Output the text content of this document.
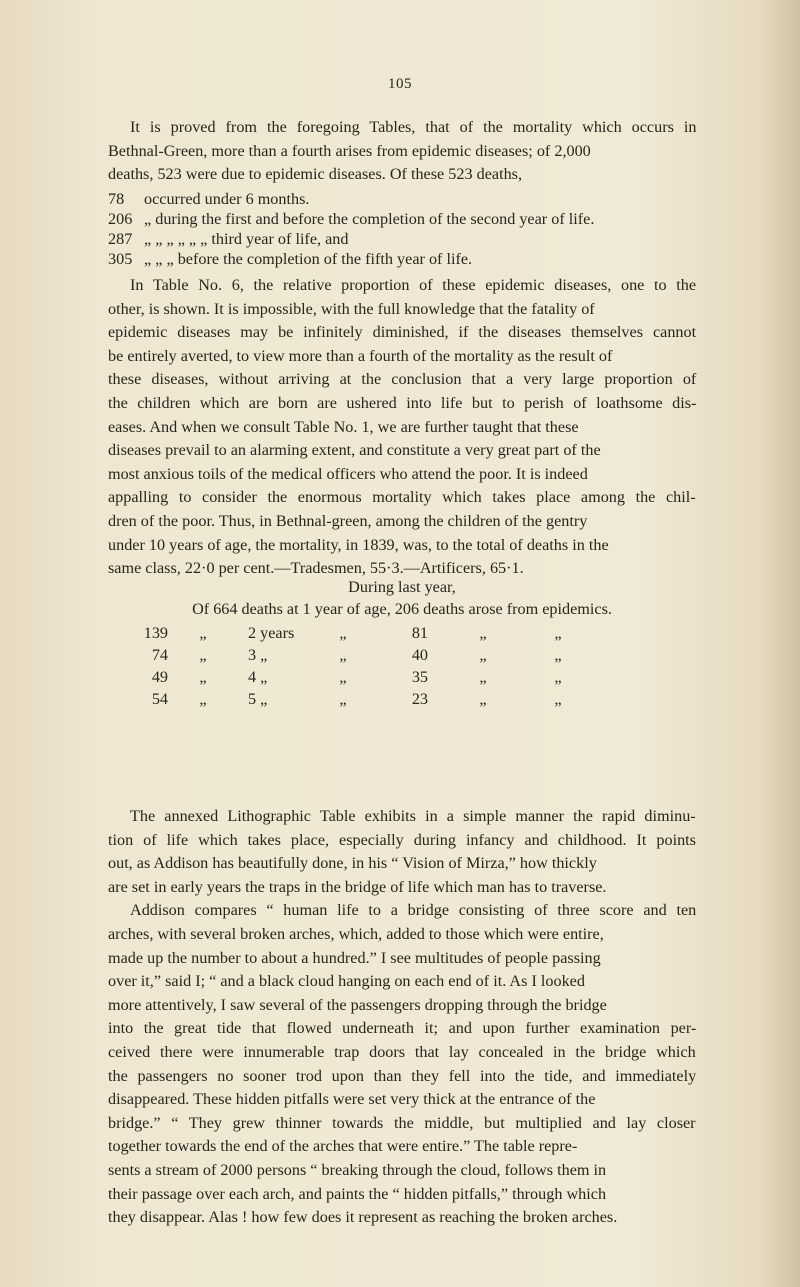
105
It is proved from the foregoing Tables, that of the mortality which occurs in
Bethnal-Green, more than a fourth arises from epidemic diseases; of 2,000
deaths, 523 were due to epidemic diseases. Of these 523 deaths,
78	occurred under 6 months.
206 „ during the first and before the completion of the second year of life.
287 „ „ „ „ „ „ third year of life, and
305 „ „ „ before the completion of the fifth year of life.
In Table No. 6, the relative proportion of these epidemic diseases, one to the
other, is shown. It is impossible, with the full knowledge that the fatality of
epidemic diseases may be infinitely diminished, if the diseases themselves cannot
be entirely averted, to view more than a fourth of the mortality as the result of
these diseases, without arriving at the conclusion that a very large proportion of
the children which are born are ushered into life but to perish of loathsome dis-
eases. And when we consult Table No. 1, we are further taught that these
diseases prevail to an alarming extent, and constitute a very great part of the
most anxious toils of the medical officers who attend the poor. It is indeed
appalling to consider the enormous mortality which takes place among the chil-
dren of the poor. Thus, in Bethnal-green, among the children of the gentry
under 10 years of age, the mortality, in 1839, was, to the total of deaths in the
same class, 22·0 per cent.—Tradesmen, 55·3.—Artificers, 65·1.
During last year,
Of 664 deaths at 1 year of age, 206 deaths arose from epidemics.
139	„	2 years	„	81	„	„
74	„	3 „	„	40	„	„
49	„	4 „	„	35	„	„
54	„	5 „	„	23	„	„
The annexed Lithographic Table exhibits in a simple manner the rapid diminu-
tion of life which takes place, especially during infancy and childhood. It points
out, as Addison has beautifully done, in his “ Vision of Mirza,” how thickly
are set in early years the traps in the bridge of life which man has to traverse.
Addison compares “ human life to a bridge consisting of three score and ten
arches, with several broken arches, which, added to those which were entire,
made up the number to about a hundred.” I see multitudes of people passing
over it,” said I; “ and a black cloud hanging on each end of it. As I looked
more attentively, I saw several of the passengers dropping through the bridge
into the great tide that flowed underneath it; and upon further examination per-
ceived there were innumerable trap doors that lay concealed in the bridge which
the passengers no sooner trod upon than they fell into the tide, and immediately
disappeared. These hidden pitfalls were set very thick at the entrance of the
bridge.” “ They grew thinner towards the middle, but multiplied and lay closer
together towards the end of the arches that were entire.” The table repre-
sents a stream of 2000 persons “ breaking through the cloud, follows them in
their passage over each arch, and paints the “ hidden pitfalls,” through which
they disappear. Alas ! how few does it represent as reaching the broken arches.
